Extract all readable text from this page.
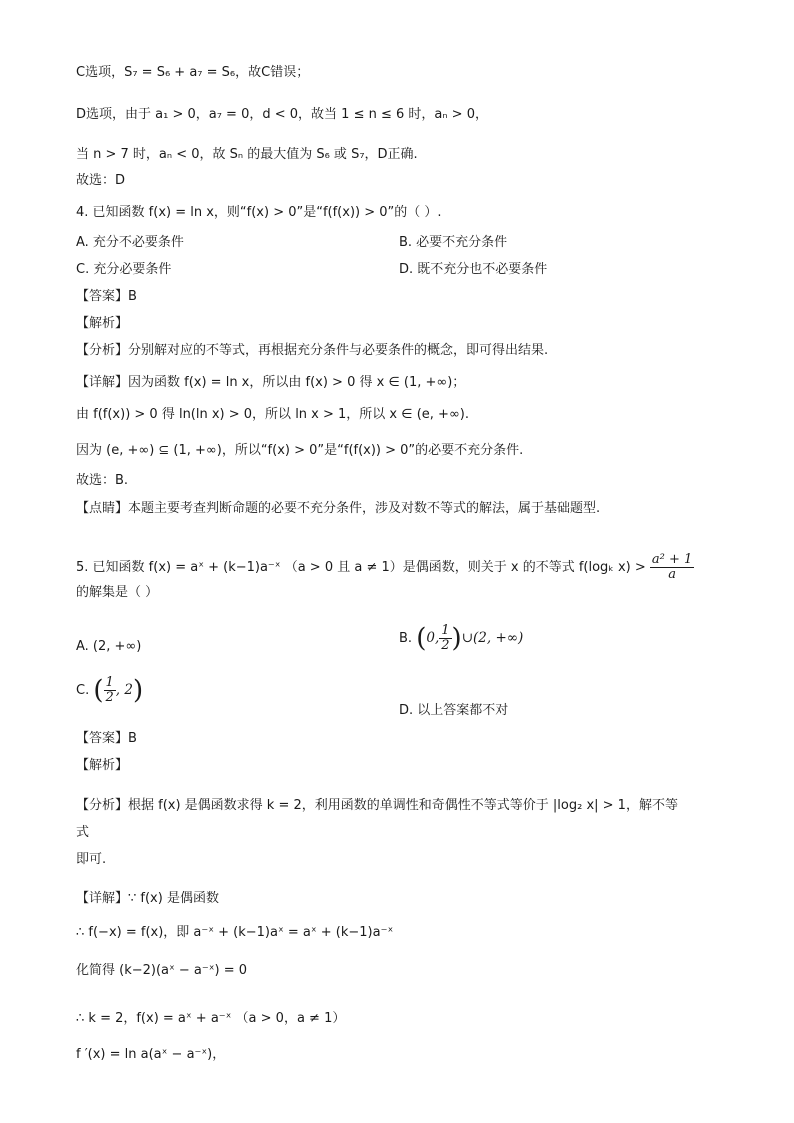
C选项，S₇ = S₆ + a₇ = S₆，故C错误；
D选项，由于 a₁ > 0，a₇ = 0，d < 0，故当 1 ≤ n ≤ 6 时，aₙ > 0，
当 n > 7 时，aₙ < 0，故 Sₙ 的最大值为 S₆ 或 S₇，D正确.
故选：D
4. 已知函数 f(x) = ln x，则“f(x) > 0”是“f(f(x)) > 0”的（ ）.
A. 充分不必要条件	B. 必要不充分条件
C. 充分必要条件	D. 既不充分也不必要条件
【答案】B
【解析】
【分析】分别解对应的不等式，再根据充分条件与必要条件的概念，即可得出结果.
【详解】因为函数 f(x) = ln x，所以由 f(x) > 0 得 x ∈ (1, +∞)；
由 f(f(x)) > 0 得 ln(ln x) > 0，所以 ln x > 1，所以 x ∈ (e, +∞).
因为 (e, +∞) ⊆ (1, +∞)，所以“f(x) > 0”是“f(f(x)) > 0”的必要不充分条件.
故选：B.
【点睛】本题主要考查判断命题的必要不充分条件，涉及对数不等式的解法，属于基础题型.
5. 已知函数 f(x) = aˣ + (k−1)a⁻ˣ （a > 0 且 a ≠ 1）是偶函数，则关于 x 的不等式 f(logₖ $x) > \frac{\text{a² + 1}}{a}$
的解集是（ ）
A. (2, +∞)
B. (0, $\frac{1}{2}$ )∪(2, +∞)
C. ( $\frac{1}{2}$ , 2)
D. 以上答案都不对
【答案】B
【解析】
【分析】根据 f(x) 是偶函数求得 k = 2，利用函数的单调性和奇偶性不等式等价于 |log₂ x| > 1，解不等
式
即可.
【详解】∵ f(x) 是偶函数
∴ f(−x) = f(x)，即 a⁻ˣ + (k−1)aˣ = aˣ + (k−1)a⁻ˣ
化简得 (k−2)(aˣ − a⁻ˣ) = 0
∴ k = 2，f(x) = aˣ + a⁻ˣ （a > 0，a ≠ 1）
f ′(x) = ln a(aˣ − a⁻ˣ)，
